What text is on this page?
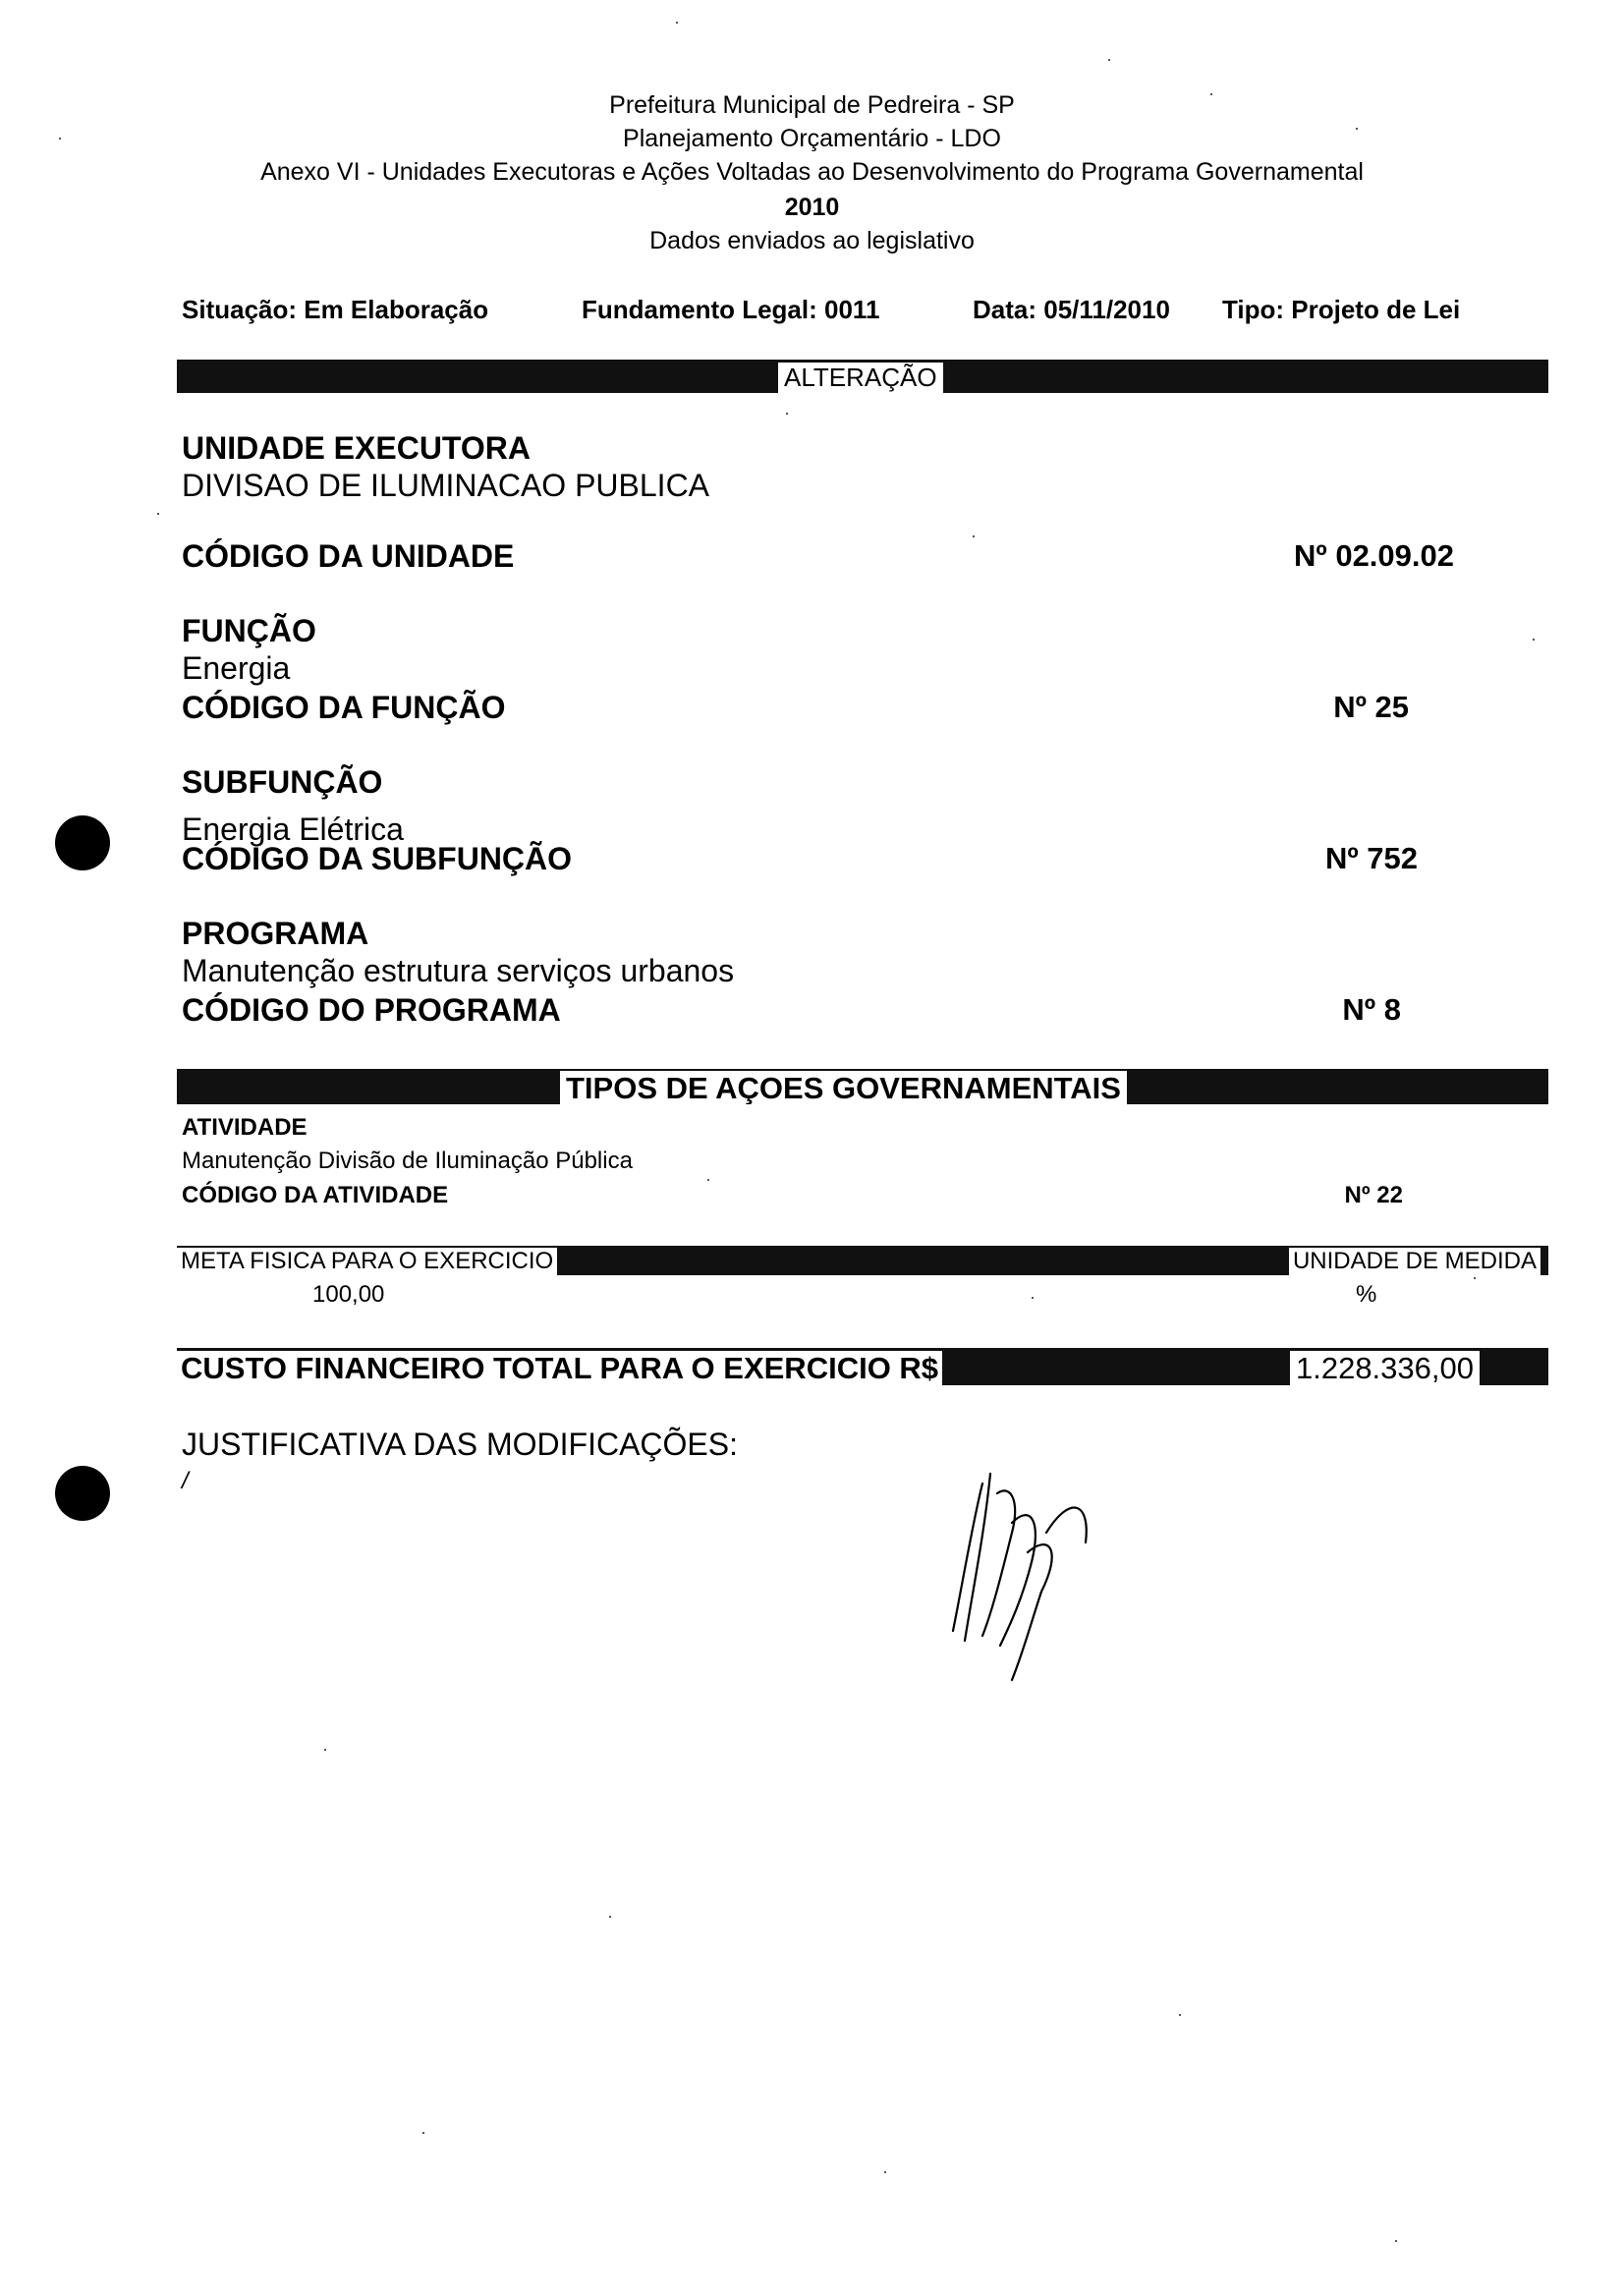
Prefeitura Municipal de Pedreira - SP
Planejamento Orçamentário - LDO
Anexo VI - Unidades Executoras e Ações Voltadas ao Desenvolvimento do Programa Governamental
2010
Dados enviados ao legislativo
Situação: Em Elaboração	Fundamento Legal: 0011	Data: 05/11/2010 Tipo: Projeto de Lei
ALTERAÇÃO
UNIDADE EXECUTORA
DIVISAO DE ILUMINACAO PUBLICA
CÓDIGO DA UNIDADE	Nº 02.09.02
FUNÇÃO
Energia
CÓDIGO DA FUNÇÃO	Nº 25
SUBFUNÇÃO
Energia Elétrica
CÓDIGO DA SUBFUNÇÃO	Nº 752
PROGRAMA
Manutenção estrutura serviços urbanos
CÓDIGO DO PROGRAMA	Nº 8
TIPOS DE AÇOES GOVERNAMENTAIS
ATIVIDADE
Manutenção Divisão de Iluminação Pública
CÓDIGO DA ATIVIDADE	Nº 22
META FISICA PARA O EXERCICIO	UNIDADE DE MEDIDA
100,00	%
CUSTO FINANCEIRO TOTAL PARA O EXERCICIO R$	1.228.336,00
JUSTIFICATIVA DAS MODIFICAÇÕES:
/
